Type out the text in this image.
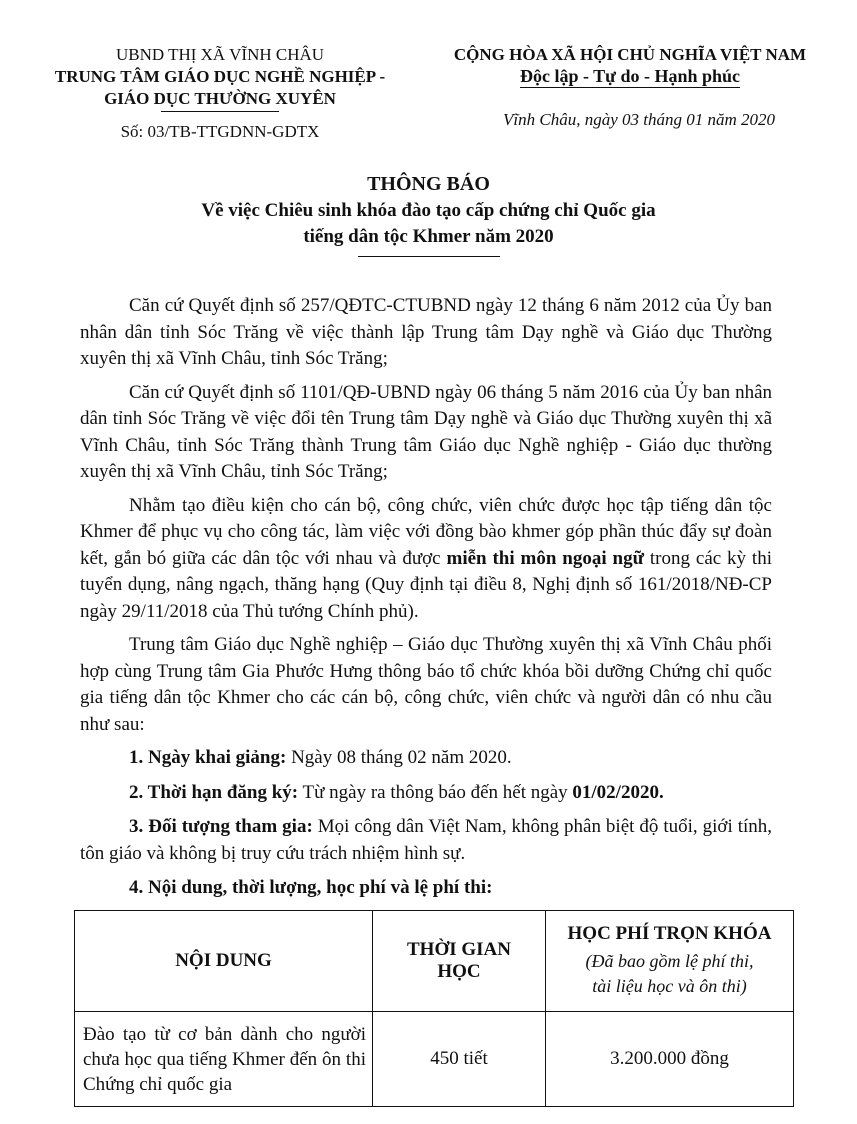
UBND THỊ XÃ VĨNH CHÂU
TRUNG TÂM GIÁO DỤC NGHỀ NGHIỆP -
GIÁO DỤC THƯỜNG XUYÊN
Số: 03/TB-TTGDNN-GDTX
CỘNG HÒA XÃ HỘI CHỦ NGHĨA VIỆT NAM
Độc lập - Tự do - Hạnh phúc
Vĩnh Châu, ngày 03 tháng 01 năm 2020
THÔNG BÁO
Về việc Chiêu sinh khóa đào tạo cấp chứng chỉ Quốc gia
tiếng dân tộc Khmer năm 2020

Căn cứ Quyết định số 257/QĐTC-CTUBND ngày 12 tháng 6 năm 2012 của Ủy ban nhân dân tỉnh Sóc Trăng về việc thành lập Trung tâm Dạy nghề và Giáo dục Thường xuyên thị xã Vĩnh Châu, tỉnh Sóc Trăng;

Căn cứ Quyết định số 1101/QĐ-UBND ngày 06 tháng 5 năm 2016 của Ủy ban nhân dân tỉnh Sóc Trăng về việc đổi tên Trung tâm Dạy nghề và Giáo dục Thường xuyên thị xã Vĩnh Châu, tỉnh Sóc Trăng thành Trung tâm Giáo dục Nghề nghiệp - Giáo dục thường xuyên thị xã Vĩnh Châu, tỉnh Sóc Trăng;

Nhằm tạo điều kiện cho cán bộ, công chức, viên chức được học tập tiếng dân tộc Khmer để phục vụ cho công tác, làm việc với đồng bào khmer góp phần thúc đẩy sự đoàn kết, gắn bó giữa các dân tộc với nhau và được miễn thi môn ngoại ngữ trong các kỳ thi tuyển dụng, nâng ngạch, thăng hạng (Quy định tại điều 8, Nghị định số 161/2018/NĐ-CP ngày 29/11/2018 của Thủ tướng Chính phủ).

Trung tâm Giáo dục Nghề nghiệp – Giáo dục Thường xuyên thị xã Vĩnh Châu phối hợp cùng Trung tâm Gia Phước Hưng thông báo tổ chức khóa bồi dưỡng Chứng chỉ quốc gia tiếng dân tộc Khmer cho các cán bộ, công chức, viên chức và người dân có nhu cầu như sau:

1. Ngày khai giảng: Ngày 08 tháng 02 năm 2020.

2. Thời hạn đăng ký: Từ ngày ra thông báo đến hết ngày 01/02/2020.

3. Đối tượng tham gia: Mọi công dân Việt Nam, không phân biệt độ tuổi, giới tính, tôn giáo và không bị truy cứu trách nhiệm hình sự.

4. Nội dung, thời lượng, học phí và lệ phí thi:

NỘI DUNG	THỜI GIAN HỌC	HỌC PHÍ TRỌN KHÓA
(Đã bao gồm lệ phí thi, tài liệu học và ôn thi)

Đào tạo từ cơ bản dành cho người chưa học qua tiếng Khmer đến ôn thi Chứng chỉ quốc gia	450 tiết	3.200.000 đồng
